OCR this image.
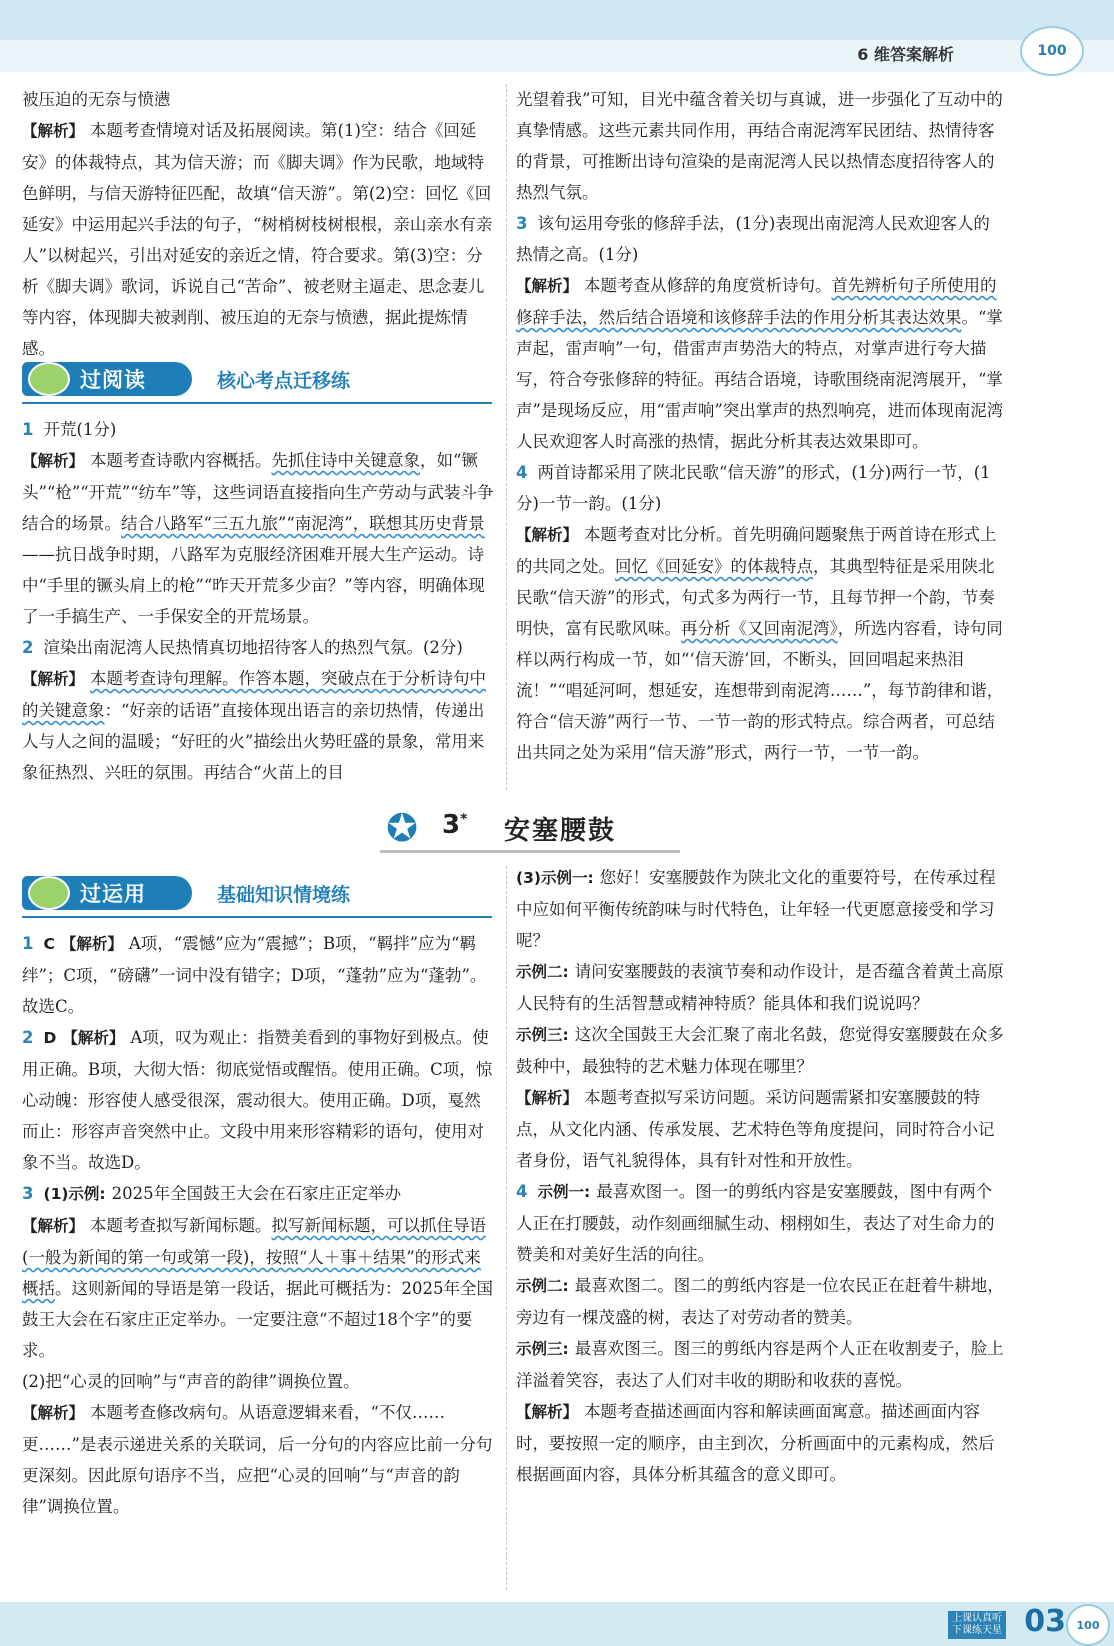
6 维答案解析	100

被压迫的无奈与愤懑

【解析】 本题考查情境对话及拓展阅读。第(1)空：结合《回延安》的体裁特点，其为信天游；而《脚夫调》作为民歌，地域特色鲜明，与信天游特征匹配，故填“信天游”。第(2)空：回忆《回延安》中运用起兴手法的句子，“树梢树枝树根根，亲山亲水有亲人”以树起兴，引出对延安的亲近之情，符合要求。第(3)空：分析《脚夫调》歌词，诉说自己“苦命”、被老财主逼走、思念妻儿等内容，体现脚夫被剥削、被压迫的无奈与愤懑，据此提炼情感。

过阅读	核心考点迁移练

1 开荒(1分)

【解析】 本题考查诗歌内容概括。先抓住诗中关键意象，如“镢头”“枪”“开荒”“纺车”等，这些词语直接指向生产劳动与武装斗争结合的场景。结合八路军“三五九旅”“南泥湾”，联想其历史背景——抗日战争时期，八路军为克服经济困难开展大生产运动。诗中“手里的镢头肩上的枪”“昨天开荒多少亩？”等内容，明确体现了一手搞生产、一手保安全的开荒场景。

2 渲染出南泥湾人民热情真切地招待客人的热烈气氛。(2分)

【解析】 本题考查诗句理解。作答本题，突破点在于分析诗句中的关键意象：“好亲的话语”直接体现出语言的亲切热情，传递出人与人之间的温暖；“好旺的火”描绘出火势旺盛的景象，常用来象征热烈、兴旺的氛围。再结合“火苗上的目

光望着我”可知，目光中蕴含着关切与真诚，进一步强化了互动中的真挚情感。这些元素共同作用，再结合南泥湾军民团结、热情待客的背景，可推断出诗句渲染的是南泥湾人民以热情态度招待客人的热烈气氛。

3 该句运用夸张的修辞手法，(1分)表现出南泥湾人民欢迎客人的热情之高。(1分)

【解析】 本题考查从修辞的角度赏析诗句。首先辨析句子所使用的修辞手法，然后结合语境和该修辞手法的作用分析其表达效果。“掌声起，雷声响”一句，借雷声声势浩大的特点，对掌声进行夸大描写，符合夸张修辞的特征。再结合语境，诗歌围绕南泥湾展开，“掌声”是现场反应，用“雷声响”突出掌声的热烈响亮，进而体现南泥湾人民欢迎客人时高涨的热情，据此分析其表达效果即可。

4 两首诗都采用了陕北民歌“信天游”的形式，(1分)两行一节，(1分)一节一韵。(1分)

【解析】 本题考查对比分析。首先明确问题聚焦于两首诗在形式上的共同之处。回忆《回延安》的体裁特点，其典型特征是采用陕北民歌“信天游”的形式，句式多为两行一节，且每节押一个韵，节奏明快，富有民歌风味。再分析《又回南泥湾》，所选内容看，诗句同样以两行构成一节，如“‘信天游’回，不断头，回回唱起来热泪流！”“唱延河呵，想延安，连想带到南泥湾……”，每节韵律和谐，符合“信天游”两行一节、一节一韵的形式特点。综合两者，可总结出共同之处为采用“信天游”形式，两行一节，一节一韵。

✪ 3* 安塞腰鼓
过运用	基础知识情境练

1 C 【解析】 A项，“震憾”应为“震撼”；B项，“羁拌”应为“羁绊”；C项，“磅礴”一词中没有错字；D项，“蓬勃”应为“蓬勃”。故选C。

2 D 【解析】 A项，叹为观止：指赞美看到的事物好到极点。使用正确。B项，大彻大悟：彻底觉悟或醒悟。使用正确。C项，惊心动魄：形容使人感受很深，震动很大。使用正确。D项，戛然而止：形容声音突然中止。文段中用来形容精彩的语句，使用对象不当。故选D。

3 (1)示例: 2025年全国鼓王大会在石家庄正定举办

【解析】 本题考查拟写新闻标题。拟写新闻标题，可以抓住导语(一般为新闻的第一句或第一段)，按照“人＋事＋结果”的形式来概括。这则新闻的导语是第一段话，据此可概括为：2025年全国鼓王大会在石家庄正定举办。一定要注意“不超过18个字”的要求。

(2)把“心灵的回响”与“声音的韵律”调换位置。

【解析】 本题考查修改病句。从语意逻辑来看，“不仅……更……”是表示递进关系的关联词，后一分句的内容应比前一分句更深刻。因此原句语序不当，应把“心灵的回响”与“声音的韵律”调换位置。

(3)示例一: 您好！安塞腰鼓作为陕北文化的重要符号，在传承过程中应如何平衡传统韵味与时代特色，让年轻一代更愿意接受和学习呢？

示例二: 请问安塞腰鼓的表演节奏和动作设计，是否蕴含着黄土高原人民特有的生活智慧或精神特质？能具体和我们说说吗？

示例三: 这次全国鼓王大会汇聚了南北名鼓，您觉得安塞腰鼓在众多鼓种中，最独特的艺术魅力体现在哪里？

【解析】 本题考查拟写采访问题。采访问题需紧扣安塞腰鼓的特点，从文化内涵、传承发展、艺术特色等角度提问，同时符合小记者身份，语气礼貌得体，具有针对性和开放性。

4 示例一: 最喜欢图一。图一的剪纸内容是安塞腰鼓，图中有两个人正在打腰鼓，动作刻画细腻生动、栩栩如生，表达了对生命力的赞美和对美好生活的向往。

示例二: 最喜欢图二。图二的剪纸内容是一位农民正在赶着牛耕地，旁边有一棵茂盛的树，表达了对劳动者的赞美。

示例三: 最喜欢图三。图三的剪纸内容是两个人正在收割麦子，脸上洋溢着笑容，表达了人们对丰收的期盼和收获的喜悦。

【解析】 本题考查描述画面内容和解读画面寓意。描述画面内容时，要按照一定的顺序，由主到次，分析画面中的元素构成，然后根据画面内容，具体分析其蕴含的意义即可。

上课认真听
下课练天星 03 100
